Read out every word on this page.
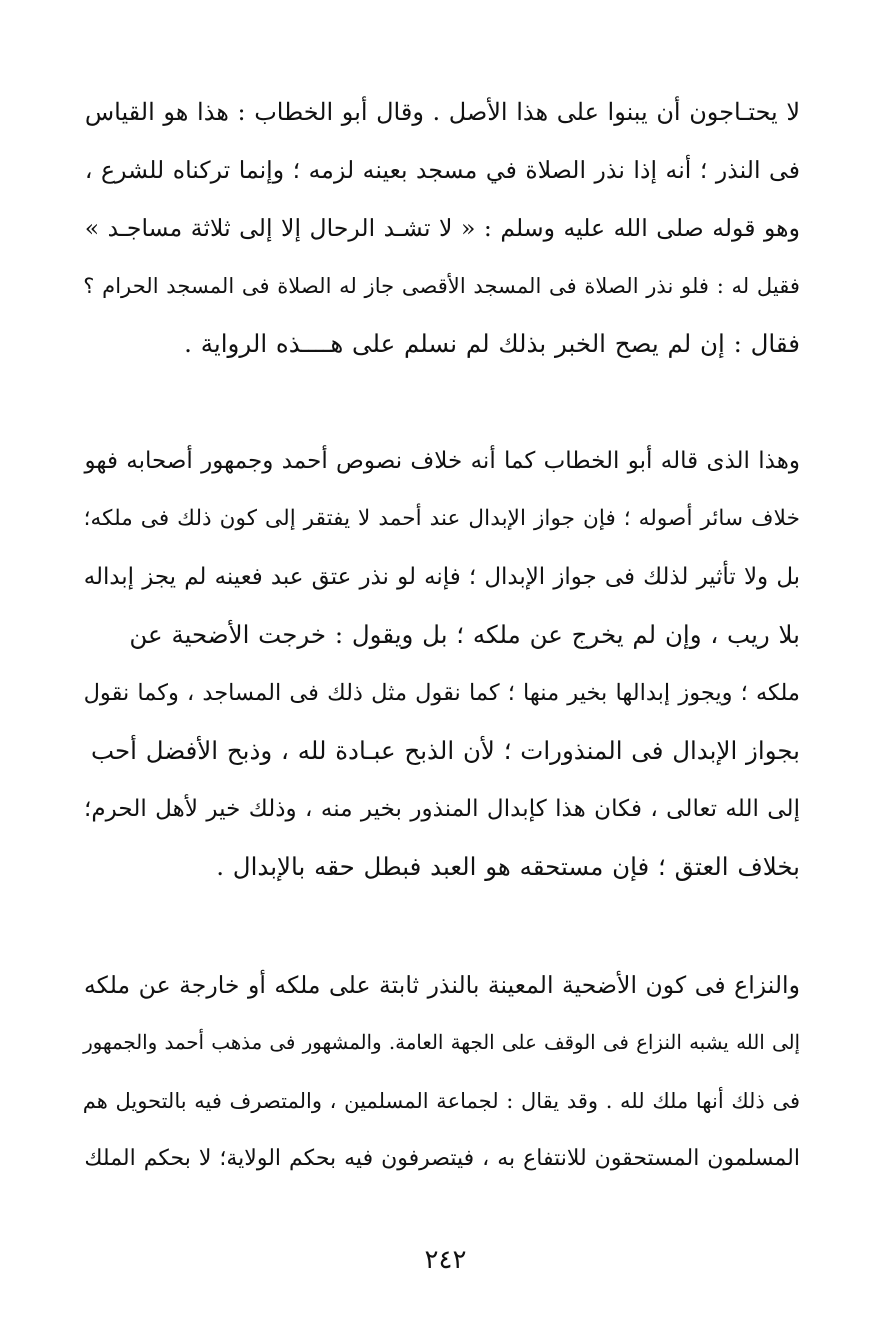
لا يحتـاجون أن يبنوا على هذا الأصل . وقال أبو الخطاب : هذا هو القياس
فى النذر ؛ أنه إذا نذر الصلاة في مسجد بعينه لزمه ؛ وإنما تركناه للشرع ،
وهو قوله صلى الله عليه وسلم : « لا تشـد الرحال إلا إلى ثلاثة مساجـد »
فقيل له : فلو نذر الصلاة فى المسجد الأقصى جاز له الصلاة فى المسجد الحرام ؟
فقال : إن لم يصح الخبر بذلك لم نسلم على هــــذه الرواية .
وهذا الذى قاله أبو الخطاب كما أنه خلاف نصوص أحمد وجمهور أصحابه فهو
خلاف سائر أصوله ؛ فإن جواز الإبدال عند أحمد لا يفتقر إلى كون ذلك فى ملكه؛
بل ولا تأثير لذلك فى جواز الإبدال ؛ فإنه لو نذر عتق عبد فعينه لم يجز إبداله
بلا ريب ، وإن لم يخرج عن ملكه ؛ بل ويقول : خرجت الأضحية عن
ملكه ؛ ويجوز إبدالها بخير منها ؛ كما نقول مثل ذلك فى المساجد ، وكما نقول
بجواز الإبدال فى المنذورات ؛ لأن الذبح عبـادة لله ، وذبح الأفضل أحب
إلى الله تعالى ، فكان هذا كإبدال المنذور بخير منه ، وذلك خير لأهل الحرم؛
بخلاف العتق ؛ فإن مستحقه هو العبد فبطل حقه بالإبدال .
والنزاع فى كون الأضحية المعينة بالنذر ثابتة على ملكه أو خارجة عن ملكه
إلى الله يشبه النزاع فى الوقف على الجهة العامة. والمشهور فى مذهب أحمد والجمهور
فى ذلك أنها ملك لله . وقد يقال : لجماعة المسلمين ، والمتصرف فيه بالتحويل هم
المسلمون المستحقون للانتفاع به ، فيتصرفون فيه بحكم الولاية؛ لا بحكم الملك
٢٤٢
